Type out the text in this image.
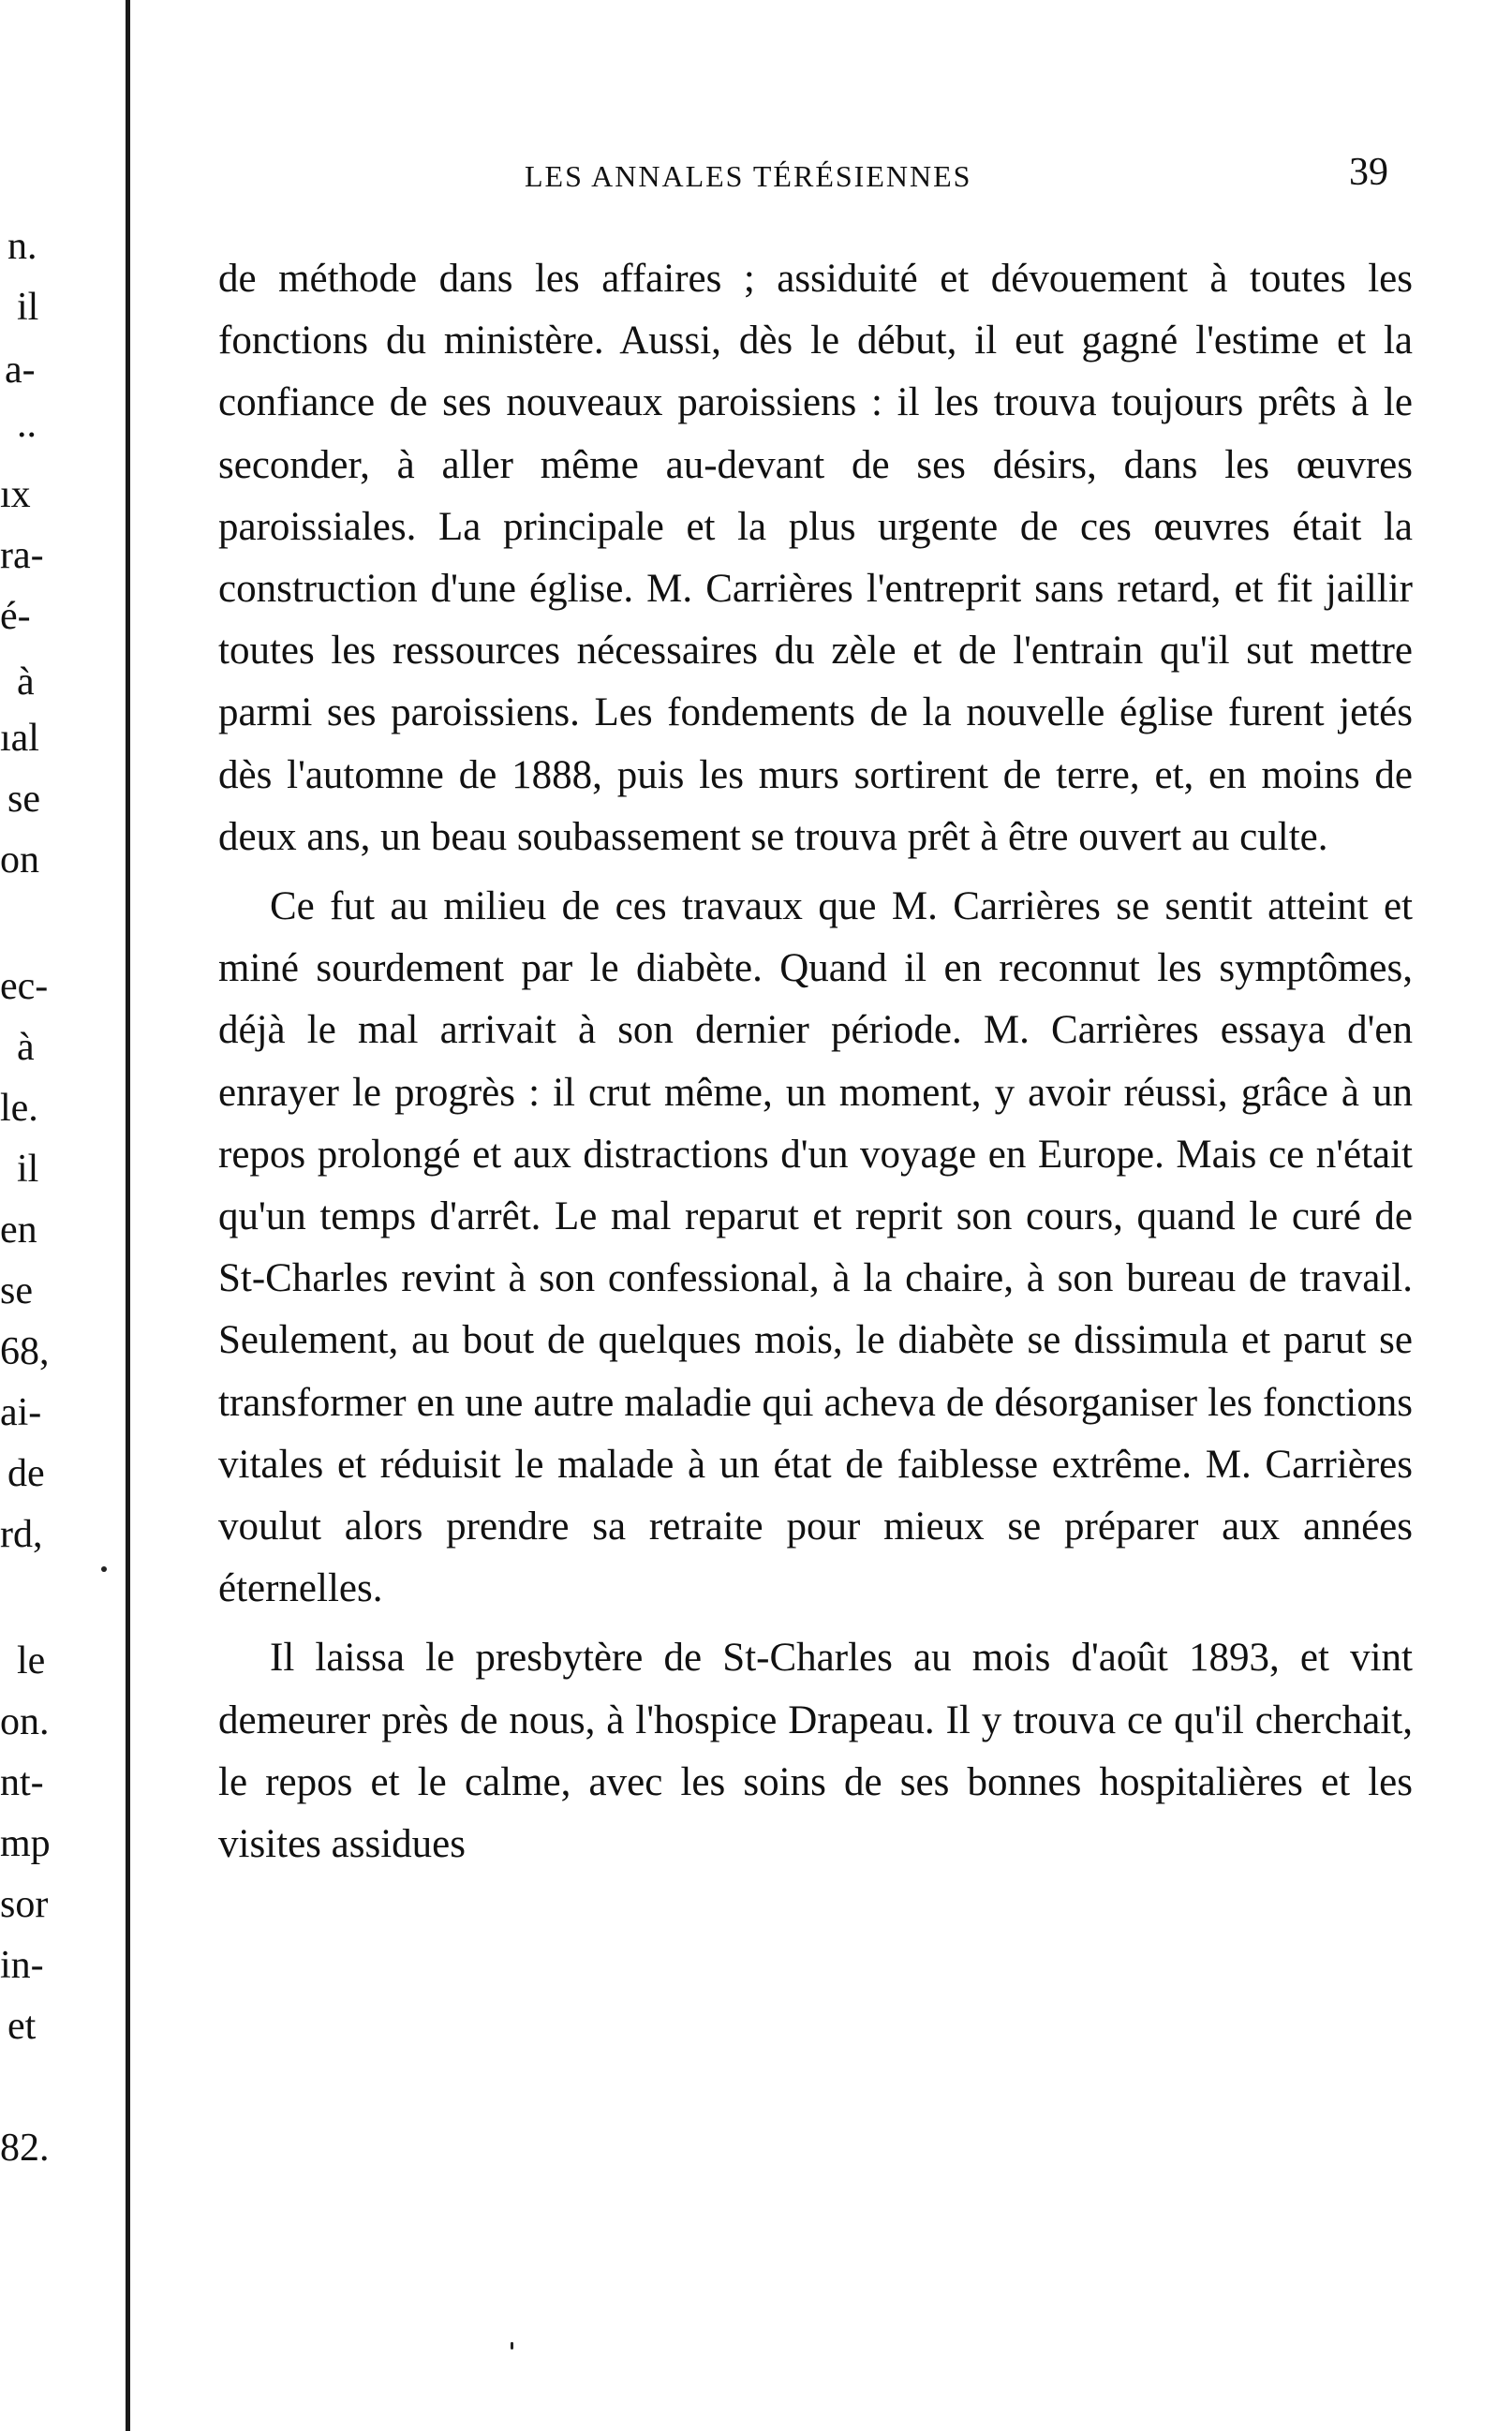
n.
il
a-
..
ıx
ra-
é-
à
ıal
se
on
ec-
à
le.
il
en
se
68,
ai-
de
rd,
le
on.
nt-
mp
sor
in-
et
82.
LES ANNALES TÉRÉSIENNES	39

de méthode dans les affaires ; assiduité et dévouement à toutes les fonctions du ministère. Aussi, dès le début, il eut gagné l'estime et la confiance de ses nouveaux paroissiens : il les trouva toujours prêts à le seconder, à aller même au-devant de ses désirs, dans les œuvres paroissiales. La principale et la plus urgente de ces œuvres était la construction d'une église. M. Carrières l'entreprit sans retard, et fit jaillir toutes les ressources nécessaires du zèle et de l'entrain qu'il sut mettre parmi ses paroissiens. Les fondements de la nouvelle église furent jetés dès l'automne de 1888, puis les murs sortirent de terre, et, en moins de deux ans, un beau soubassement se trouva prêt à être ouvert au culte.

Ce fut au milieu de ces travaux que M. Carrières se sentit atteint et miné sourdement par le diabète. Quand il en reconnut les symptômes, déjà le mal arrivait à son dernier période. M. Carrières essaya d'en enrayer le progrès : il crut même, un moment, y avoir réussi, grâce à un repos prolongé et aux distractions d'un voyage en Europe. Mais ce n'était qu'un temps d'arrêt. Le mal reparut et reprit son cours, quand le curé de St-Charles revint à son confessional, à la chaire, à son bureau de travail. Seulement, au bout de quelques mois, le diabète se dissimula et parut se transformer en une autre maladie qui acheva de désorganiser les fonctions vitales et réduisit le malade à un état de faiblesse extrême. M. Carrières voulut alors prendre sa retraite pour mieux se préparer aux années éternelles.

Il laissa le presbytère de St-Charles au mois d'août 1893, et vint demeurer près de nous, à l'hospice Drapeau. Il y trouva ce qu'il cherchait, le repos et le calme, avec les soins de ses bonnes hospitalières et les visites assidues
